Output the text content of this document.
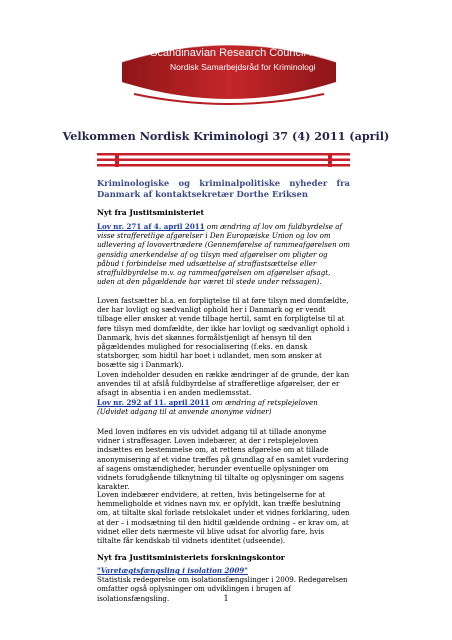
Scandinavian Research Council for Criminology
Nordisk Samarbejdsråd for Kriminologi
Velkommen Nordisk Kriminologi 37 (4) 2011 (april)
Kriminologiske og kriminalpolitiske nyheder fra Danmark af kontaktsekretær Dorthe Eriksen
Nyt fra Justitsministeriet
Lov nr. 271 af 4. april 2011 om ændring af lov om fuldbyrdelse af visse strafferetlige afgørelser i Den Europæiske Union og lov om udlevering af lovovertrædere (Gennemførelse af rammeafgørelsen om gensidig anerkendelse af og tilsyn med afgørelser om pligter og påbud i forbindelse med udsættelse af straffastsættelse eller straffuldbyrdelse m.v. og rammeafgørelsen om afgørelser afsagt, uden at den pågældende har været til stede under retssagen).
Loven fastsætter bl.a. en forpligtelse til at føre tilsyn med domfældte, der har lovligt og sædvanligt ophold her i Danmark og er vendt tilbage eller ønsker at vende tilbage hertil, samt en forpligtelse til at føre tilsyn med domfældte, der ikke har lovligt og sædvanligt ophold i Danmark, hvis det skønnes formålstjenligt af hensyn til den pågældendes mulighed for resocialisering (f.eks. en dansk statsborger, som hidtil har boet i udlandet, men som ønsker at bosætte sig i Danmark).
Loven indeholder desuden en række ændringer af de grunde, der kan anvendes til at afslå fuldbyrdelse af strafferetlige afgørelser, der er afsagt in absentia i en anden medlemsstat.
Lov nr. 292 af 11. april 2011 om ændring af retsplejeloven (Udvidet adgang til at anvende anonyme vidner)
Med loven indføres en vis udvidet adgang til at tillade anonyme vidner i straffesager. Loven indebærer, at der i retsplejeloven indsættes en bestemmelse om, at rettens afgørelse om at tillade anonymisering af et vidne træffes på grundlag af en samlet vurdering af sagens omstændigheder, herunder eventuelle oplysninger om vidnets forudgående tilknytning til tiltalte og oplysninger om sagens karakter.
Loven indebærer endvidere, at retten, hvis betingelserne for at hemmeligholde et vidnes navn mv. er opfyldt, kan træffe beslutning om, at tiltalte skal forlade retslokalet under et vidnes forklaring, uden at der – i modsætning til den hidtil gældende ordning – er krav om, at vidnet eller dets nærmeste vil blive udsat for alvorlig fare, hvis tiltalte får kendskab til vidnets identitet (udseende).
Nyt fra Justitsministeriets forskningskontor
"Varetægtsfængsling i isolation 2009"
Statistisk redegørelse om isolationsfængslinger i 2009. Redegørelsen omfatter også oplysninger om udviklingen i brugen af isolationsfængsling.	1
